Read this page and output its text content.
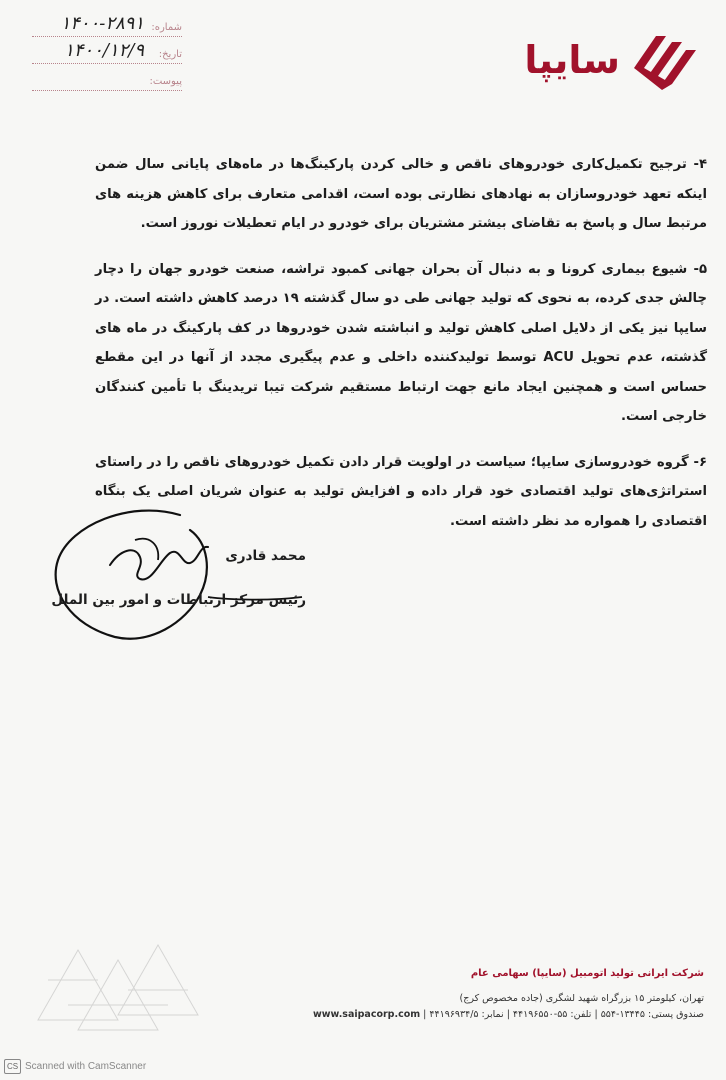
شماره:
۱۴۰۰-۲۸۹۱
تاریخ:
۱۴۰۰/۱۲/۹
پیوست:	سایپا

۴- ترجیح تکمیل‌کاری خودروهای ناقص و خالی کردن پارکینگ‌ها در ماه‌های پایانی سال ضمن اینکه تعهد خودروسازان به نهادهای نظارتی بوده است، اقدامی متعارف برای کاهش هزینه های مرتبط سال و پاسخ به تقاضای بیشتر مشتریان برای خودرو در ایام تعطیلات نوروز است.

۵- شیوع بیماری کرونا و به دنبال آن بحران جهانی کمبود تراشه، صنعت خودرو جهان را دچار چالش جدی کرده، به نحوی که تولید جهانی طی دو سال گذشته ۱۹ درصد کاهش داشته است. در سایپا نیز یکی از دلایل اصلی کاهش تولید و انباشته شدن خودروها در کف پارکینگ در ماه های گذشته، عدم تحویل ACU توسط تولیدکننده داخلی و عدم پیگیری مجدد از آنها در این مقطع حساس است و همچنین ایجاد مانع جهت ارتباط مستقیم شرکت تیبا تریدینگ با تأمین کنندگان خارجی است.

۶- گروه خودروسازی سایپا؛ سیاست در اولویت قرار دادن تکمیل خودروهای ناقص را در راستای استراتژی‌های تولید اقتصادی خود قرار داده و افزایش تولید به عنوان شریان اصلی یک بنگاه اقتصادی را همواره مد نظر داشته است.

محمد قادری
رئیس مرکز ارتباطات و امور بین الملل
شرکت ایرانی تولید اتومبیل (سایپا) سهامی عام
تهران، کیلومتر ۱۵ بزرگراه شهید لشگری (جاده مخصوص کرج)
صندوق پستی: ۱۳۴۴۵-۵۵۴ | تلفن: ۵۵-۴۴۱۹۶۵۵۰ | نمابر: ۴۴۱۹۶۹۳۴/۵ | www.saipacorp.com
CS Scanned with CamScanner
